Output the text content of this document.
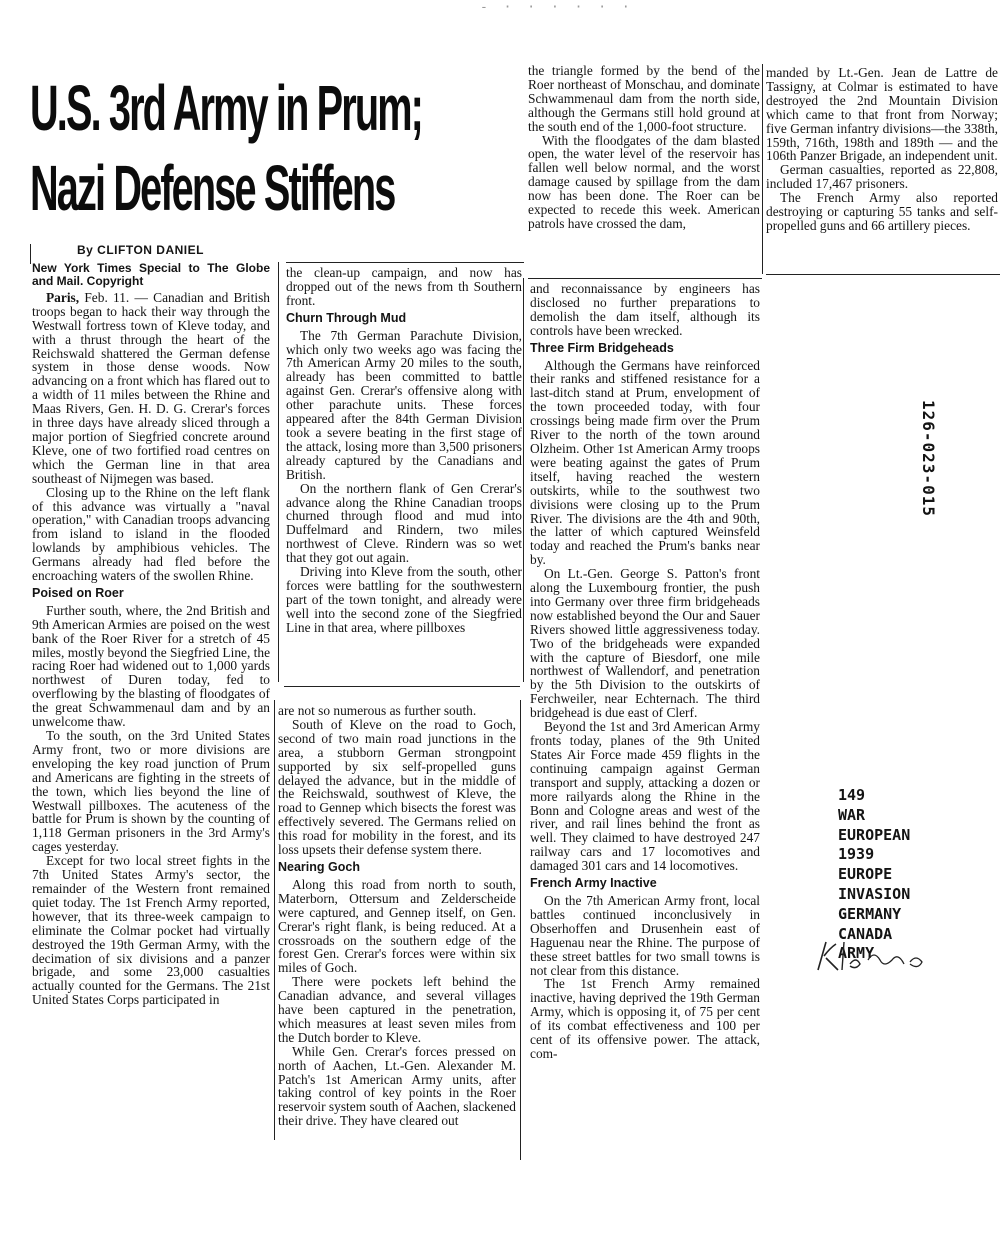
- · · · · · ·
U.S. 3rd Army in Prum;
Nazi Defense Stiffens
By CLIFTON DANIEL
New York Times Special to The Globe and Mail. Copyright

Paris, Feb. 11. — Canadian and British troops began to hack their way through the Westwall fortress town of Kleve today, and with a thrust through the heart of the Reichswald shattered the German defense system in those dense woods. Now advancing on a front which has flared out to a width of 11 miles between the Rhine and Maas Rivers, Gen. H. D. G. Crerar's forces in three days have already sliced through a major portion of Siegfried concrete around Kleve, one of two fortified road centres on which the German line in that area southeast of Nijmegen was based.

Closing up to the Rhine on the left flank of this advance was virtually a "naval operation," with Canadian troops advancing from island to island in the flooded lowlands by amphibious vehicles. The Germans already had fled before the encroaching waters of the swollen Rhine.

Poised on Roer

Further south, where, the 2nd British and 9th American Armies are poised on the west bank of the Roer River for a stretch of 45 miles, mostly beyond the Siegfried Line, the racing Roer had widened out to 1,000 yards northwest of Duren today, fed to overflowing by the blasting of floodgates of the great Schwammenaul dam and by an unwelcome thaw.

To the south, on the 3rd United States Army front, two or more divisions are enveloping the key road junction of Prum and Americans are fighting in the streets of the town, which lies beyond the line of Westwall pillboxes. The acuteness of the battle for Prum is shown by the counting of 1,118 German prisoners in the 3rd Army's cages yesterday.

Except for two local street fights in the 7th United States Army's sector, the remainder of the Western front remained quiet today. The 1st French Army reported, however, that its three-week campaign to eliminate the Colmar pocket had virtually destroyed the 19th German Army, with the decimation of six divisions and a panzer brigade, and some 23,000 casualties actually counted for the Germans. The 21st United States Corps participated in

the clean-up campaign, and now has dropped out of the news from th Southern front.

Churn Through Mud

The 7th German Parachute Division, which only two weeks ago was facing the 7th American Army 20 miles to the south, already has been committed to battle against Gen. Crerar's offensive along with other parachute units. These forces appeared after the 84th German Division took a severe beating in the first stage of the attack, losing more than 3,500 prisoners already captured by the Canadians and British.

On the northern flank of Gen Crerar's advance along the Rhine Canadian troops churned through flood and mud into Duffelmard and Rindern, two miles northwest of Cleve. Rindern was so wet that they got out again.

Driving into Kleve from the south, other forces were battling for the southwestern part of the town tonight, and already were well into the second zone of the Siegfried Line in that area, where pillboxes

are not so numerous as further south.

South of Kleve on the road to Goch, second of two main road junctions in the area, a stubborn German strongpoint supported by six self-propelled guns delayed the advance, but in the middle of the Reichswald, southwest of Kleve, the road to Gennep which bisects the forest was effectively severed. The Germans relied on this road for mobility in the forest, and its loss upsets their defense system there.

Nearing Goch

Along this road from north to south, Materborn, Ottersum and Zelderscheide were captured, and Gennep itself, on Gen. Crerar's right flank, is being reduced. At a crossroads on the southern edge of the forest Gen. Crerar's forces were within six miles of Goch.

There were pockets left behind the Canadian advance, and several villages have been captured in the penetration, which measures at least seven miles from the Dutch border to Kleve.

While Gen. Crerar's forces pressed on north of Aachen, Lt.-Gen. Alexander M. Patch's 1st American Army units, after taking control of key points in the Roer reservoir system south of Aachen, slackened their drive. They have cleared out

the triangle formed by the bend of the Roer northeast of Monschau, and dominate Schwammenaul dam from the north side, although the Germans still hold ground at the south end of the 1,000-foot structure.

With the floodgates of the dam blasted open, the water level of the reservoir has fallen well below normal, and the worst damage caused by spillage from the dam now has been done. The Roer can be expected to recede this week. American patrols have crossed the dam,

and reconnaissance by engineers has disclosed no further preparations to demolish the dam itself, although its controls have been wrecked.

Three Firm Bridgeheads

Although the Germans have reinforced their ranks and stiffened resistance for a last-ditch stand at Prum, envelopment of the town proceeded today, with four crossings being made firm over the Prum River to the north of the town around Olzheim. Other 1st American Army troops were beating against the gates of Prum itself, having reached the western outskirts, while to the southwest two divisions were closing up to the Prum River. The divisions are the 4th and 90th, the latter of which captured Weinsfeld today and reached the Prum's banks near by.

On Lt.-Gen. George S. Patton's front along the Luxembourg frontier, the push into Germany over three firm bridgeheads now established beyond the Our and Sauer Rivers showed little aggressiveness today. Two of the bridgeheads were expanded with the capture of Biesdorf, one mile northwest of Wallendorf, and penetration by the 5th Division to the outskirts of Ferchweiler, near Echternach. The third bridgehead is due east of Clerf.

Beyond the 1st and 3rd American Army fronts today, planes of the 9th United States Air Force made 459 flights in the continuing campaign against German transport and supply, attacking a dozen or more railyards along the Rhine in the Bonn and Cologne areas and west of the river, and rail lines behind the front as well. They claimed to have destroyed 247 railway cars and 17 locomotives and damaged 301 cars and 14 locomotives.

French Army Inactive

On the 7th American Army front, local battles continued inconclusively in Obserhoffen and Drusenhein east of Haguenau near the Rhine. The purpose of these street battles for two small towns is not clear from this distance.

The 1st French Army remained inactive, having deprived the 19th German Army, which is opposing it, of 75 per cent of its combat effectiveness and 100 per cent of its offensive power. The attack, com-

manded by Lt.-Gen. Jean de Lattre de Tassigny, at Colmar is estimated to have destroyed the 2nd Mountain Division which came to that front from Norway; five German infantry divisions—the 338th, 159th, 716th, 198th and 189th — and the 106th Panzer Brigade, an independent unit.

German casualties, reported as 22,808, included 17,467 prisoners.

The French Army also reported destroying or capturing 55 tanks and self-propelled guns and 66 artillery pieces.

126-023-015
149
WAR
EUROPEAN
1939
EUROPE
INVASION
GERMANY
CANADA
ARMY
